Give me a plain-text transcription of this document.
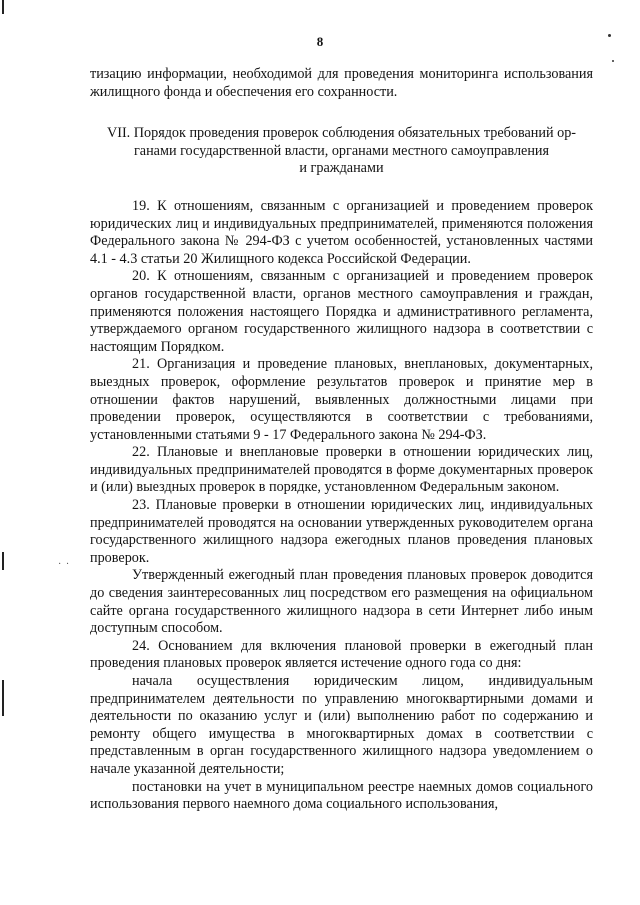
· ·
8

тизацию информации, необходимой для проведения мониторинга использования жилищного фонда и обеспечения его сохранности.

VII. Порядок проведения проверок соблюдения обязательных требований ор-
ганами государственной власти, органами местного самоуправления
и гражданами

19. К отношениям, связанным с организацией и проведением проверок юридических лиц и индивидуальных предпринимателей, применяются положения Федерального закона № 294-ФЗ с учетом особенностей, установленных частями 4.1 - 4.3 статьи 20 Жилищного кодекса Российской Федерации.

20. К отношениям, связанным с организацией и проведением проверок органов государственной власти, органов местного самоуправления и граждан, применяются положения настоящего Порядка и административного регламента, утверждаемого органом государственного жилищного надзора в соответствии с настоящим Порядком.

21. Организация и проведение плановых, внеплановых, документарных, выездных проверок, оформление результатов проверок и принятие мер в отношении фактов нарушений, выявленных должностными лицами при проведении проверок, осуществляются в соответствии с требованиями, установленными статьями 9 - 17 Федерального закона № 294-ФЗ.

22. Плановые и внеплановые проверки в отношении юридических лиц, индивидуальных предпринимателей проводятся в форме документарных проверок и (или) выездных проверок в порядке, установленном Федеральным законом.

23. Плановые проверки в отношении юридических лиц, индивидуальных предпринимателей проводятся на основании утвержденных руководителем органа государственного жилищного надзора ежегодных планов проведения плановых проверок.

Утвержденный ежегодный план проведения плановых проверок доводится до сведения заинтересованных лиц посредством его размещения на официальном сайте органа государственного жилищного надзора в сети Интернет либо иным доступным способом.

24. Основанием для включения плановой проверки в ежегодный план проведения плановых проверок является истечение одного года со дня:

начала осуществления юридическим лицом, индивидуальным предпринимателем деятельности по управлению многоквартирными домами и деятельности по оказанию услуг и (или) выполнению работ по содержанию и ремонту общего имущества в многоквартирных домах в соответствии с представленным в орган государственного жилищного надзора уведомлением о начале указанной деятельности;

постановки на учет в муниципальном реестре наемных домов социального использования первого наемного дома социального использования,
